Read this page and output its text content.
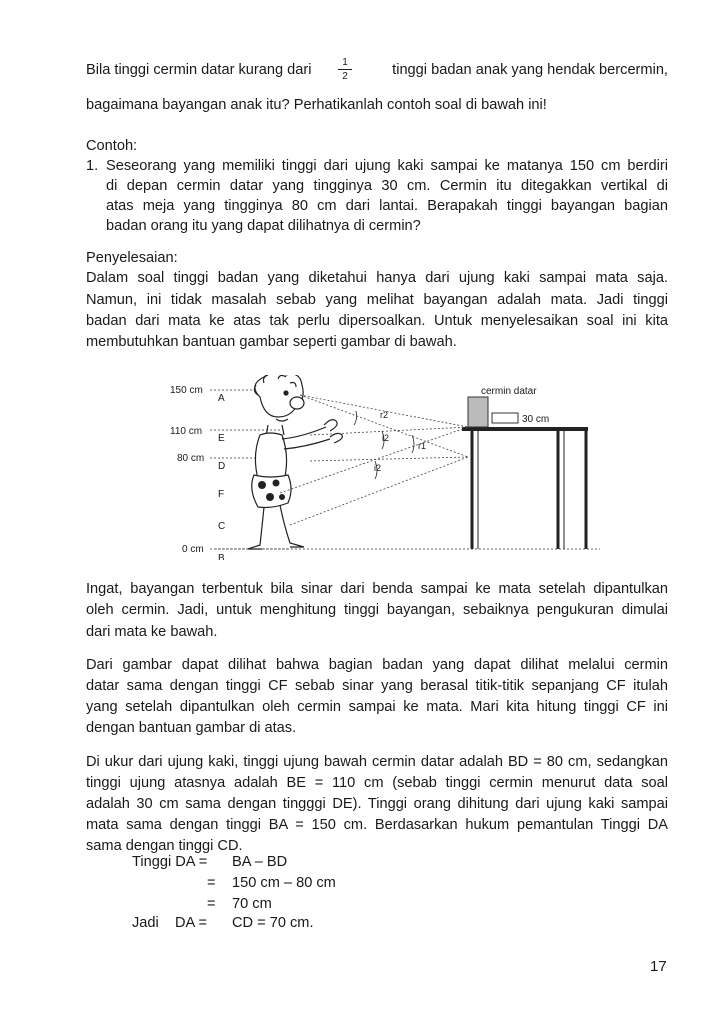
Bila tinggi cermin datar kurang dari	1
2	tinggi badan anak yang hendak bercermin,
bagaimana bayangan anak itu? Perhatikanlah contoh soal di bawah ini!
Contoh:
1. Seseorang yang memiliki tinggi dari ujung kaki sampai ke matanya 150 cm berdiri
di depan cermin datar yang tingginya 30 cm. Cermin itu ditegakkan vertikal di
atas meja yang tingginya 80 cm dari lantai. Berapakah tinggi bayangan bagian
badan orang itu yang dapat dilihatnya di cermin?
Penyelesaian:
Dalam soal tinggi badan yang diketahui hanya dari ujung kaki sampai mata saja.
Namun, ini tidak masalah sebab yang melihat bayangan adalah mata. Jadi tinggi
badan dari mata ke atas tak perlu dipersoalkan. Untuk menyelesaikan soal ini kita
membutuhkan bantuan gambar seperti gambar di bawah.
150 cm
110 cm
80 cm
0 cm
A
E
D
F
C
B
cermin datar
30 cm
r2
i2
r1
i2
Ingat, bayangan terbentuk bila sinar dari benda sampai ke mata setelah dipantulkan
oleh cermin. Jadi, untuk menghitung tinggi bayangan, sebaiknya pengukuran dimulai
dari mata ke bawah.
Dari gambar dapat dilihat bahwa bagian badan yang dapat dilihat melalui cermin
datar sama dengan tinggi CF sebab sinar yang berasal titik-titik sepanjang CF itulah
yang setelah dipantulkan oleh cermin sampai ke mata. Mari kita hitung tinggi CF ini
dengan bantuan gambar di atas.
Di ukur dari ujung kaki, tinggi ujung bawah cermin datar adalah BD = 80 cm, sedangkan
tinggi ujung atasnya adalah BE = 110 cm (sebab tinggi cermin menurut data soal
adalah 30 cm sama dengan tingggi DE). Tinggi orang dihitung dari ujung kaki sampai
mata sama dengan tinggi BA = 150 cm. Berdasarkan hukum pemantulan Tinggi DA
sama dengan tinggi CD.
Tinggi DA = BA – BD
= 150 cm – 80 cm
= 70 cm
Jadi    DA = CD = 70 cm.
17
